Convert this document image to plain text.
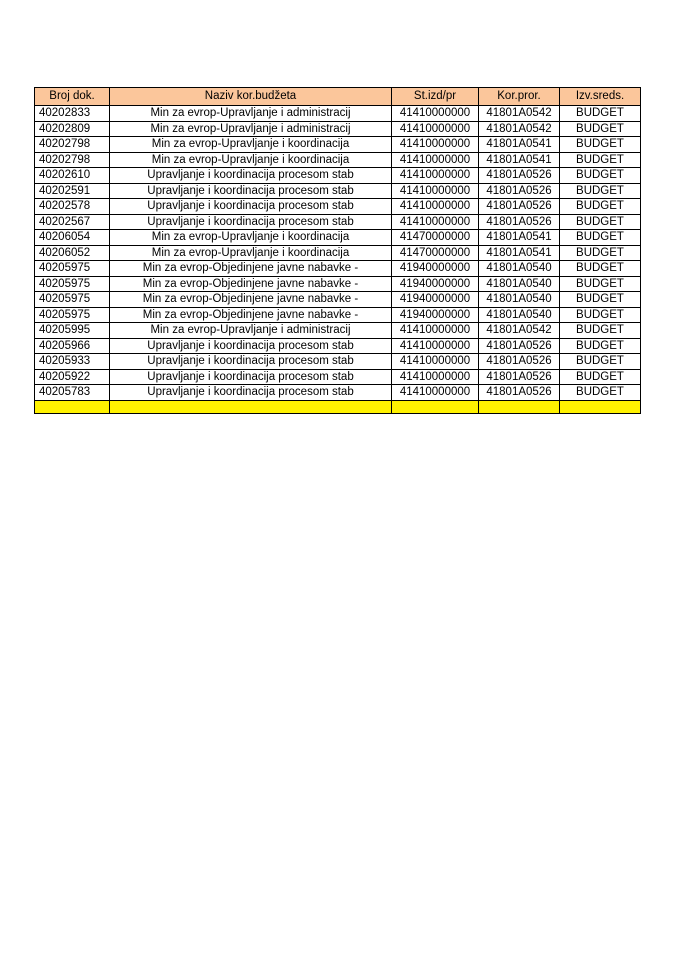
Broj dok.	Naziv kor.budžeta	St.izd/pr	Kor.pror.	Izv.sreds.
40202833	Min za evrop-Upravljanje i administracij	41410000000	41801A0542	BUDGET
40202809	Min za evrop-Upravljanje i administracij	41410000000	41801A0542	BUDGET
40202798	Min za evrop-Upravljanje i koordinacija	41410000000	41801A0541	BUDGET
40202798	Min za evrop-Upravljanje i koordinacija	41410000000	41801A0541	BUDGET
40202610	Upravljanje i koordinacija procesom stab	41410000000	41801A0526	BUDGET
40202591	Upravljanje i koordinacija procesom stab	41410000000	41801A0526	BUDGET
40202578	Upravljanje i koordinacija procesom stab	41410000000	41801A0526	BUDGET
40202567	Upravljanje i koordinacija procesom stab	41410000000	41801A0526	BUDGET
40206054	Min za evrop-Upravljanje i koordinacija	41470000000	41801A0541	BUDGET
40206052	Min za evrop-Upravljanje i koordinacija	41470000000	41801A0541	BUDGET
40205975	Min za evrop-Objedinjene javne nabavke -	41940000000	41801A0540	BUDGET
40205975	Min za evrop-Objedinjene javne nabavke -	41940000000	41801A0540	BUDGET
40205975	Min za evrop-Objedinjene javne nabavke -	41940000000	41801A0540	BUDGET
40205975	Min za evrop-Objedinjene javne nabavke -	41940000000	41801A0540	BUDGET
40205995	Min za evrop-Upravljanje i administracij	41410000000	41801A0542	BUDGET
40205966	Upravljanje i koordinacija procesom stab	41410000000	41801A0526	BUDGET
40205933	Upravljanje i koordinacija procesom stab	41410000000	41801A0526	BUDGET
40205922	Upravljanje i koordinacija procesom stab	41410000000	41801A0526	BUDGET
40205783	Upravljanje i koordinacija procesom stab	41410000000	41801A0526	BUDGET
